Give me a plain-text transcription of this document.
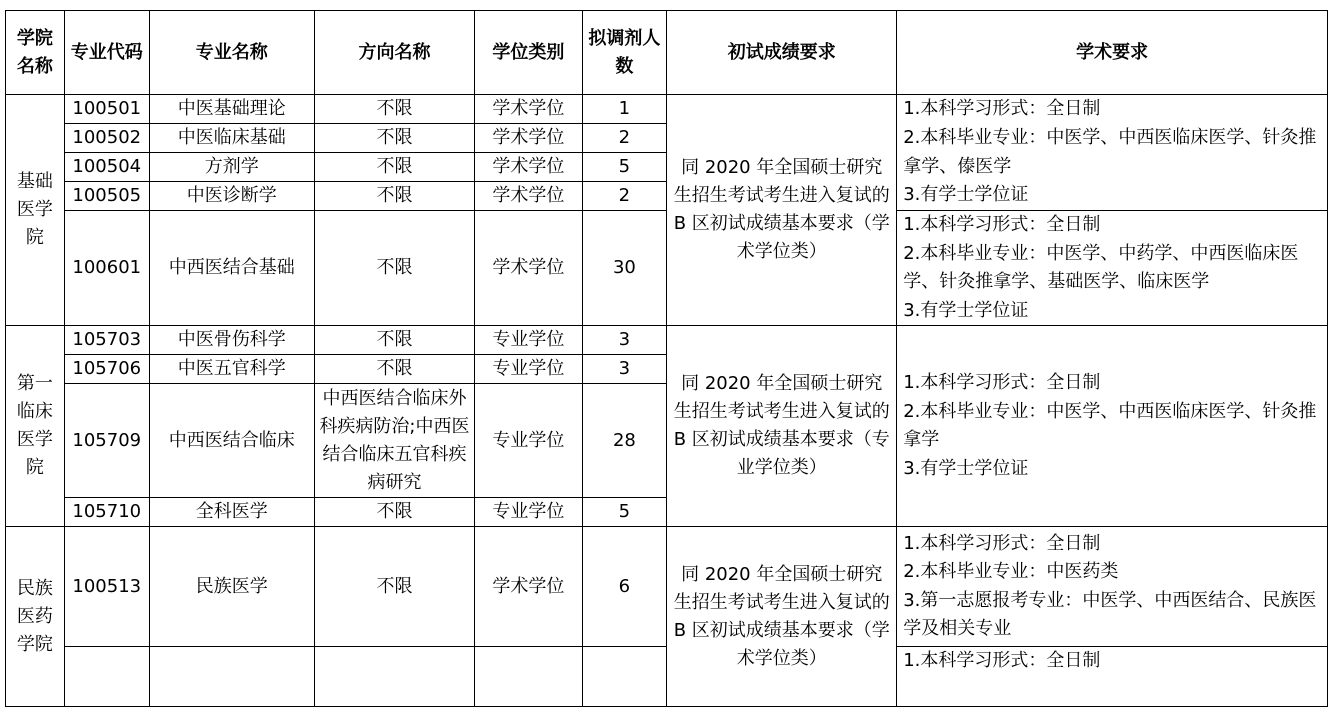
学院名称	专业代码	专业名称	方向名称	学位类别	拟调剂人数	初试成绩要求	学术要求
基础医学院	100501	中医基础理论	不限	学术学位	1	同 2020 年全国硕士研究生招生考试考生进入复试的 B 区初试成绩基本要求（学术学位类）	1.本科学习形式：全日制
2.本科毕业专业：中医学、中西医临床医学、针灸推拿学、傣医学
3.有学士学位证
	100502	中医临床基础	不限	学术学位	2		
	100504	方剂学	不限	学术学位	5		
	100505	中医诊断学	不限	学术学位	2		
	100601	中西医结合基础	不限	学术学位	30		1.本科学习形式：全日制
2.本科毕业专业：中医学、中药学、中西医临床医学、针灸推拿学、基础医学、临床医学
3.有学士学位证
第一临床医学院	105703	中医骨伤科学	不限	专业学位	3	同 2020 年全国硕士研究生招生考试考生进入复试的 B 区初试成绩基本要求（专业学位类）	1.本科学习形式：全日制
2.本科毕业专业：中医学、中西医临床医学、针灸推拿学
3.有学士学位证
	105706	中医五官科学	不限	专业学位	3		
	105709	中西医结合临床	中西医结合临床外科疾病防治;中西医结合临床五官科疾病研究	专业学位	28		
	105710	全科医学	不限	专业学位	5		
民族医药学院	100513	民族医学	不限	学术学位	6	同 2020 年全国硕士研究生招生考试考生进入复试的 B 区初试成绩基本要求（学术学位类）	1.本科学习形式：全日制
2.本科毕业专业：中医药类
3.第一志愿报考专业：中医学、中西医结合、民族医学及相关专业
							1.本科学习形式：全日制
